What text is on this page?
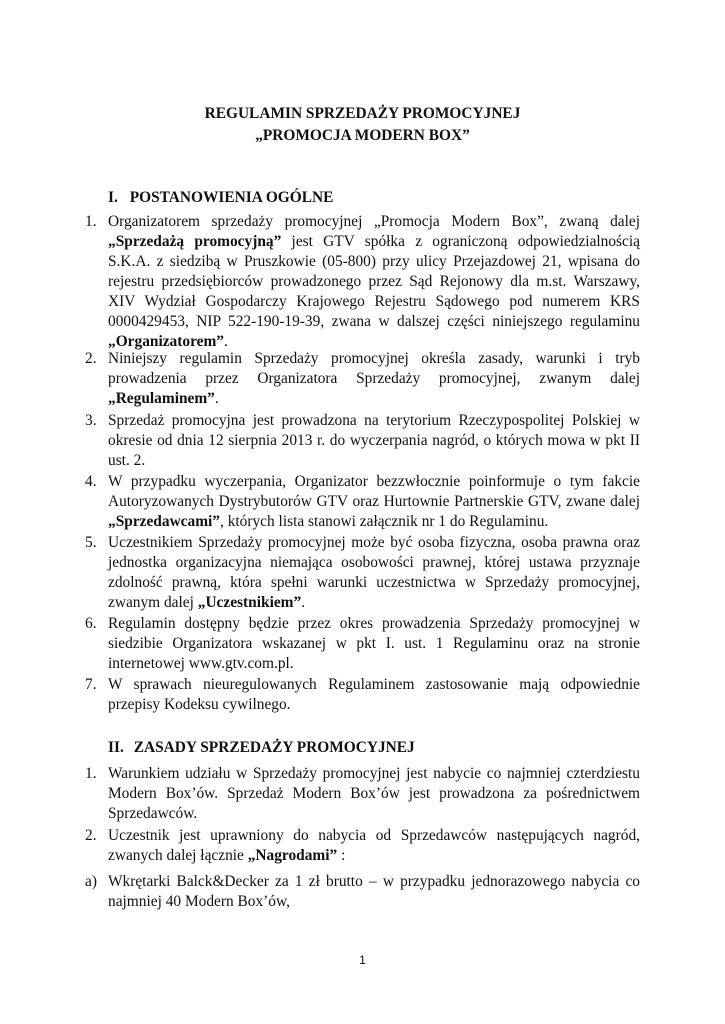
REGULAMIN SPRZEDAŻY PROMOCYJNEJ
„PROMOCJA MODERN BOX”
I. POSTANOWIENIA OGÓLNE
1. Organizatorem sprzedaży promocyjnej „Promocja Modern Box”, zwaną dalej „Sprzedażą promocyjną” jest GTV spółka z ograniczoną odpowiedzialnością S.K.A. z siedzibą w Pruszkowie (05-800) przy ulicy Przejazdowej 21, wpisana do rejestru przedsiębiorców prowadzonego przez Sąd Rejonowy dla m.st. Warszawy, XIV Wydział Gospodarczy Krajowego Rejestru Sądowego pod numerem KRS 0000429453, NIP 522-190-19-39, zwana w dalszej części niniejszego regulaminu „Organizatorem”.
2. Niniejszy regulamin Sprzedaży promocyjnej określa zasady, warunki i tryb prowadzenia przez Organizatora Sprzedaży promocyjnej, zwanym dalej „Regulaminem”.
3. Sprzedaż promocyjna jest prowadzona na terytorium Rzeczypospolitej Polskiej w okresie od dnia 12 sierpnia 2013 r. do wyczerpania nagród, o których mowa w pkt II ust. 2.
4. W przypadku wyczerpania, Organizator bezzwłocznie poinformuje o tym fakcie Autoryzowanych Dystrybutorów GTV oraz Hurtownie Partnerskie GTV, zwane dalej „Sprzedawcami”, których lista stanowi załącznik nr 1 do Regulaminu.
5. Uczestnikiem Sprzedaży promocyjnej może być osoba fizyczna, osoba prawna oraz jednostka organizacyjna niemająca osobowości prawnej, której ustawa przyznaje zdolność prawną, która spełni warunki uczestnictwa w Sprzedaży promocyjnej, zwanym dalej „Uczestnikiem”.
6. Regulamin dostępny będzie przez okres prowadzenia Sprzedaży promocyjnej w siedzibie Organizatora wskazanej w pkt I. ust. 1 Regulaminu oraz na stronie internetowej www.gtv.com.pl.
7. W sprawach nieuregulowanych Regulaminem zastosowanie mają odpowiednie przepisy Kodeksu cywilnego.
II. ZASADY SPRZEDAŻY PROMOCYJNEJ
1. Warunkiem udziału w Sprzedaży promocyjnej jest nabycie co najmniej czterdziestu Modern Box’ów. Sprzedaż Modern Box’ów jest prowadzona za pośrednictwem Sprzedawców.
2. Uczestnik jest uprawniony do nabycia od Sprzedawców następujących nagród, zwanych dalej łącznie „Nagrodami” :
a) Wkrętarki Balck&Decker za 1 zł brutto – w przypadku jednorazowego nabycia co najmniej 40 Modern Box’ów,
1
